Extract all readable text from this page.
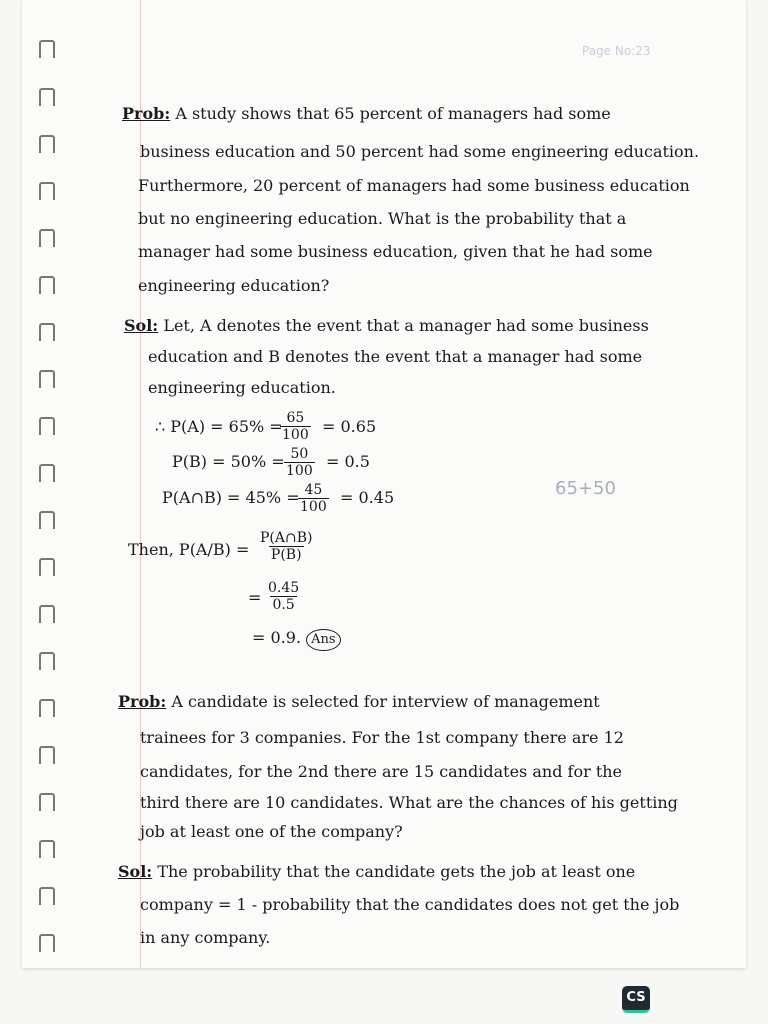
Page No:23
Prob: A study shows that 65 percent of managers had some
business education and 50 percent had some engineering education.
Furthermore, 20 percent of managers had some business education
but no engineering education. What is the probability that a
manager had some business education, given that he had some
engineering education?
Sol: Let, A denotes the event that a manager had some business
education and B denotes the event that a manager had some
engineering education.
∴ P(A) = 65% =
$\frac{65}{100} = 0.65$
$P(B) = 50\% = \frac{50}{100} = 0.5$
P(A∩B) = 45% =
$\frac{45}{100} = 0.45$	65+50
Then, $P(A/B) = \frac{P(A\cap B)}{P(B)}$
= $\frac{0.45}{0.5}$
= 0.9. Ans
Prob: A candidate is selected for interview of management
trainees for 3 companies. For the 1st company there are 12
candidates, for the 2nd there are 15 candidates and for the
third there are 10 candidates. What are the chances of his getting
job at least one of the company?
Sol: The probability that the candidate gets the job at least one
company = 1 - probability that the candidates does not get the job
in any company.
CS
